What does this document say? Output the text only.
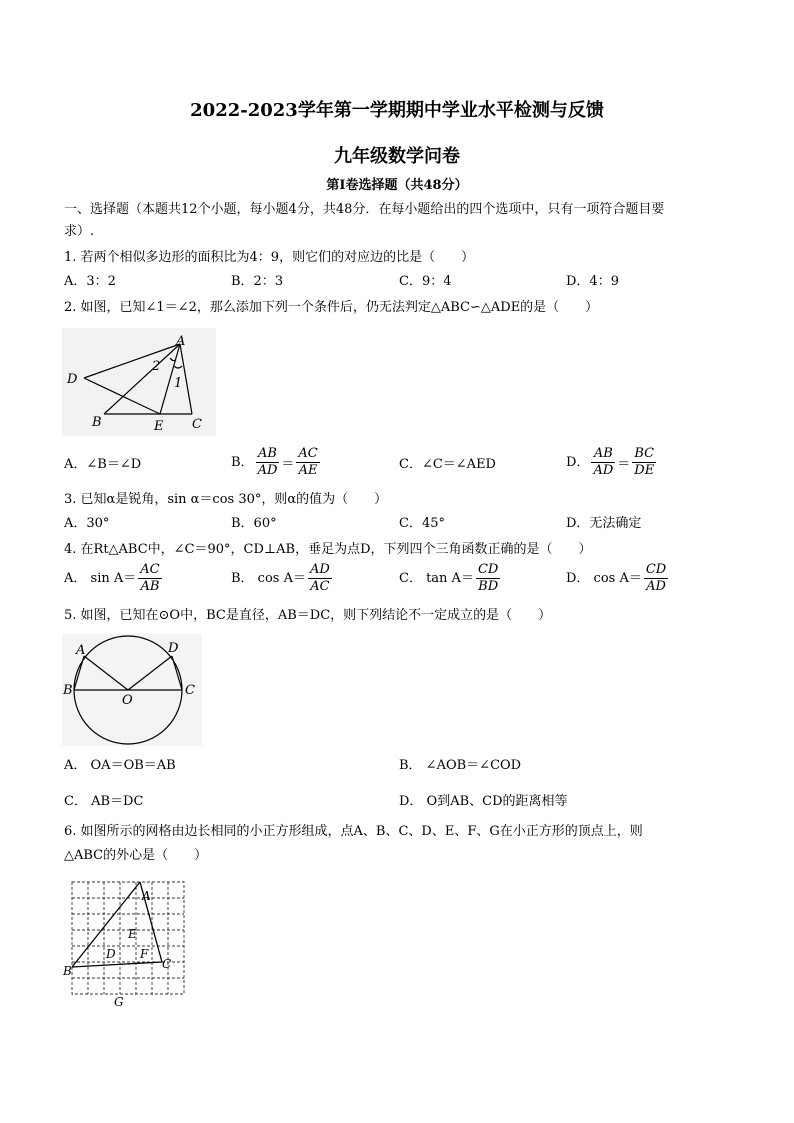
2022-2023学年第一学期期中学业水平检测与反馈
九年级数学问卷
第Ⅰ卷选择题（共48分）
一、选择题（本题共12个小题，每小题4分，共48分．在每小题给出的四个选项中，只有一项符合题目要
求）.
1. 若两个相似多边形的面积比为4：9，则它们的对应边的比是（　　）
A．3：2	B．2：3	C．9：4	D．4：9
2. 如图，已知∠1＝∠2，那么添加下列一个条件后，仍无法判定△ABC∽△ADE的是（　　）
A
D
B	E C
2
1
A．∠B＝∠D	B． $\frac{AB}{AD} = \frac{AC}{AE}$	C．∠C＝∠AED	D． $\frac{AB}{AD} = \frac{BC}{DE}$
3. 已知α是锐角，sin α＝cos 30°，则α的值为（　　）
A．30°	B．60°	C．45°	D．无法确定
4. 在Rt△ABC中，∠C＝90°，CD⊥AB，垂足为点D，下列四个三角函数正确的是（　　）
A． $\sin A= \frac{AC}{AB}$	B． $\cos A= \frac{AD}{AC}$	C． $\tan A= \frac{CD}{BD}$	D． $\cos A= \frac{CD}{AD}$
5. 如图，已知在⊙O中，BC是直径，AB＝DC，则下列结论不一定成立的是（　　）
A	D
B	C
O
A． OA＝OB＝AB	B． ∠AOB＝∠COD
C． AB＝DC	D． O到AB、CD的距离相等
6. 如图所示的网格由边长相同的小正方形组成，点A、B、C、D、E、F、G在小正方形的顶点上，则
△ABC的外心是（　　）
A
E
D F
B	C
G
